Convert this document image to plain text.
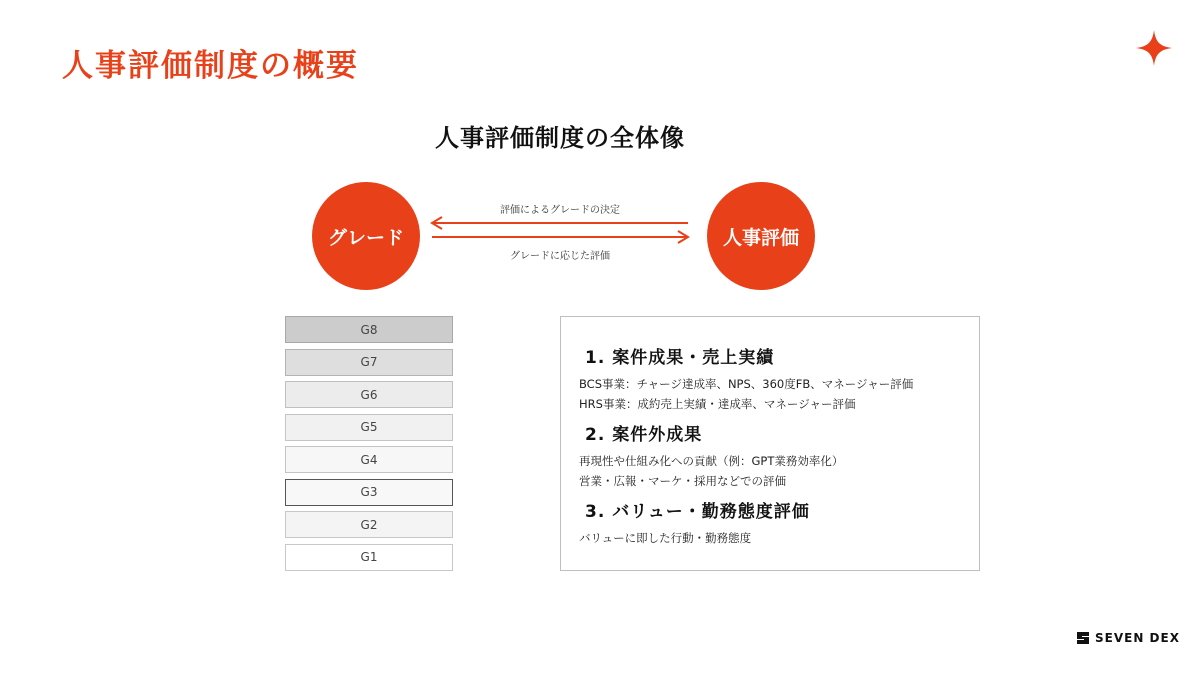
人事評価制度の概要
人事評価制度の全体像
グレード	人事評価
評価によるグレードの決定
グレードに応じた評価
G8
G7
G6
G5
G4
G3
G2
G1
1. 案件成果・売上実績
BCS事業：チャージ達成率、NPS、360度FB、マネージャー評価
HRS事業：成約売上実績・達成率、マネージャー評価
2. 案件外成果
再現性や仕組み化への貢献（例：GPT業務効率化）
営業・広報・マーケ・採用などでの評価
3. バリュー・勤務態度評価
バリューに即した行動・勤務態度
SEVEN DEX
